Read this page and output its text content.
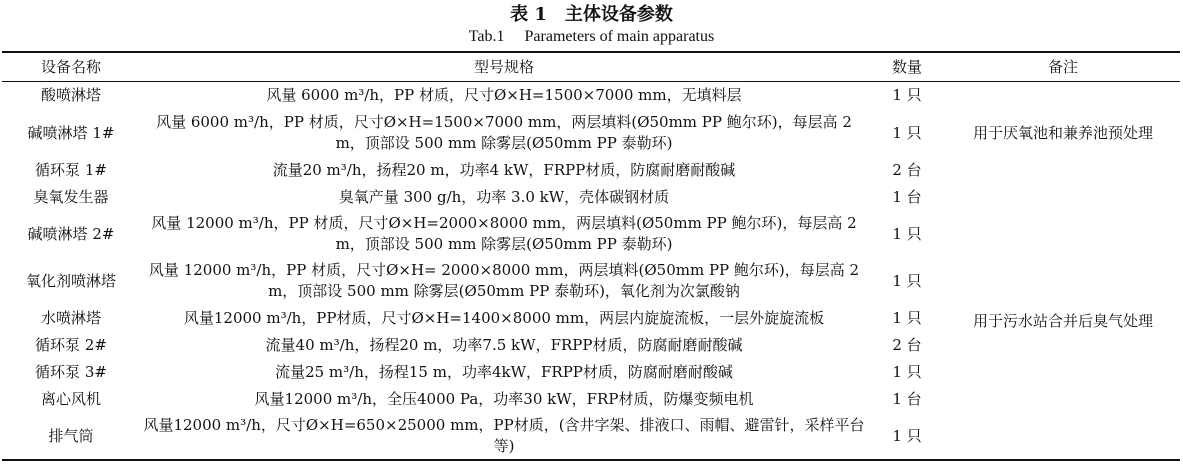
表 1　主体设备参数
Tab.1　 Parameters of main apparatus
设备名称	型号规格	数量	备注
酸喷淋塔	风量 6000 m³/h，PP 材质，尺寸Ø×H=1500×7000 mm，无填料层	1 只	用于厌氧池和兼养池预处理
碱喷淋塔 1#	风量 6000 m³/h，PP 材质，尺寸Ø×H=1500×7000 mm，两层填料(Ø50mm PP 鲍尔环)，每层高 2 m，顶部设 500 mm 除雾层(Ø50mm PP 泰勒环)	1 只	
循环泵 1#	流量20 m³/h，扬程20 m，功率4 kW，FRPP材质，防腐耐磨耐酸碱	2 台	
臭氧发生器	臭氧产量 300 g/h，功率 3.0 kW，壳体碳钢材质	1 台	用于污水站合并后臭气处理
碱喷淋塔 2#	风量 12000 m³/h，PP 材质，尺寸Ø×H=2000×8000 mm，两层填料(Ø50mm PP 鲍尔环)，每层高 2 m，顶部设 500 mm 除雾层(Ø50mm PP 泰勒环)	1 只	
氧化剂喷淋塔	风量 12000 m³/h，PP 材质，尺寸Ø×H= 2000×8000 mm，两层填料(Ø50mm PP 鲍尔环)，每层高 2 m，顶部设 500 mm 除雾层(Ø50mm PP 泰勒环)，氧化剂为次氯酸钠	1 只	
水喷淋塔	风量12000 m³/h，PP材质，尺寸Ø×H=1400×8000 mm，两层内旋旋流板，一层外旋旋流板	1 只	
循环泵 2#	流量40 m³/h，扬程20 m，功率7.5 kW，FRPP材质，防腐耐磨耐酸碱	2 台	
循环泵 3#	流量25 m³/h，扬程15 m，功率4kW，FRPP材质，防腐耐磨耐酸碱	1 只	
离心风机	风量12000 m³/h，全压4000 Pa，功率30 kW，FRP材质，防爆变频电机	1 台	
排气筒	风量12000 m³/h，尺寸Ø×H=650×25000 mm，PP材质，(含井字架、排液口、雨帽、避雷针，采样平台等)	1 只	
